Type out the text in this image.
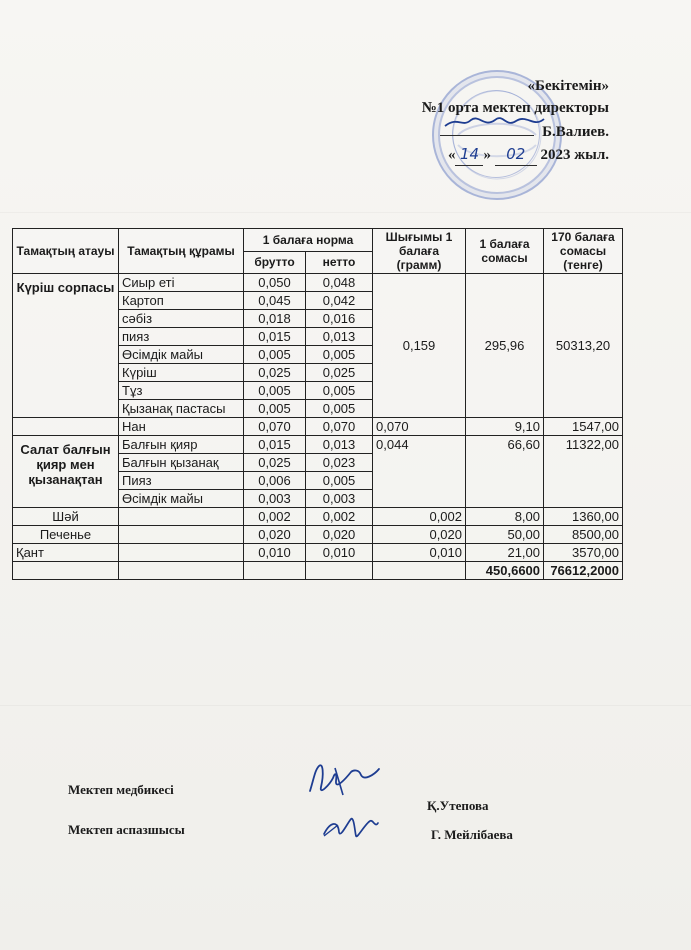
«Бекітемін»
№1 орта мектеп директоры
Б.Валиев.
« 14 » 02 2023 жыл.
Тамақтың атауы	Тамақтың құрамы	1 балаға норма		Шығымы 1 балаға (грамм)	1 балаға сомасы	170 балаға сомасы (тенге)
		брутто	нетто			
Күріш сорпасы	Сиыр еті	0,050	0,048	0,159	295,96	50313,20
	Картоп	0,045	0,042			
	сәбіз	0,018	0,016			
	пияз	0,015	0,013			
	Өсімдік майы	0,005	0,005			
	Күріш	0,025	0,025			
	Тұз	0,005	0,005			
	Қызанақ пастасы	0,005	0,005			
	Нан	0,070	0,070	0,070	9,10	1547,00
Салат балғын қияр мен қызанақтан	Балғын қияр	0,015	0,013	0,044	66,60	11322,00
	Балғын қызанақ	0,025	0,023			
	Пияз	0,006	0,005			
	Өсімдік майы	0,003	0,003			
Шәй		0,002	0,002	0,002	8,00	1360,00
Печенье		0,020	0,020	0,020	50,00	8500,00
Қант		0,010	0,010	0,010	21,00	3570,00
					450,6600	76612,2000
Мектеп медбикесі
Қ.Утепова
Мектеп аспазшысы	Г. Мейлібаева
